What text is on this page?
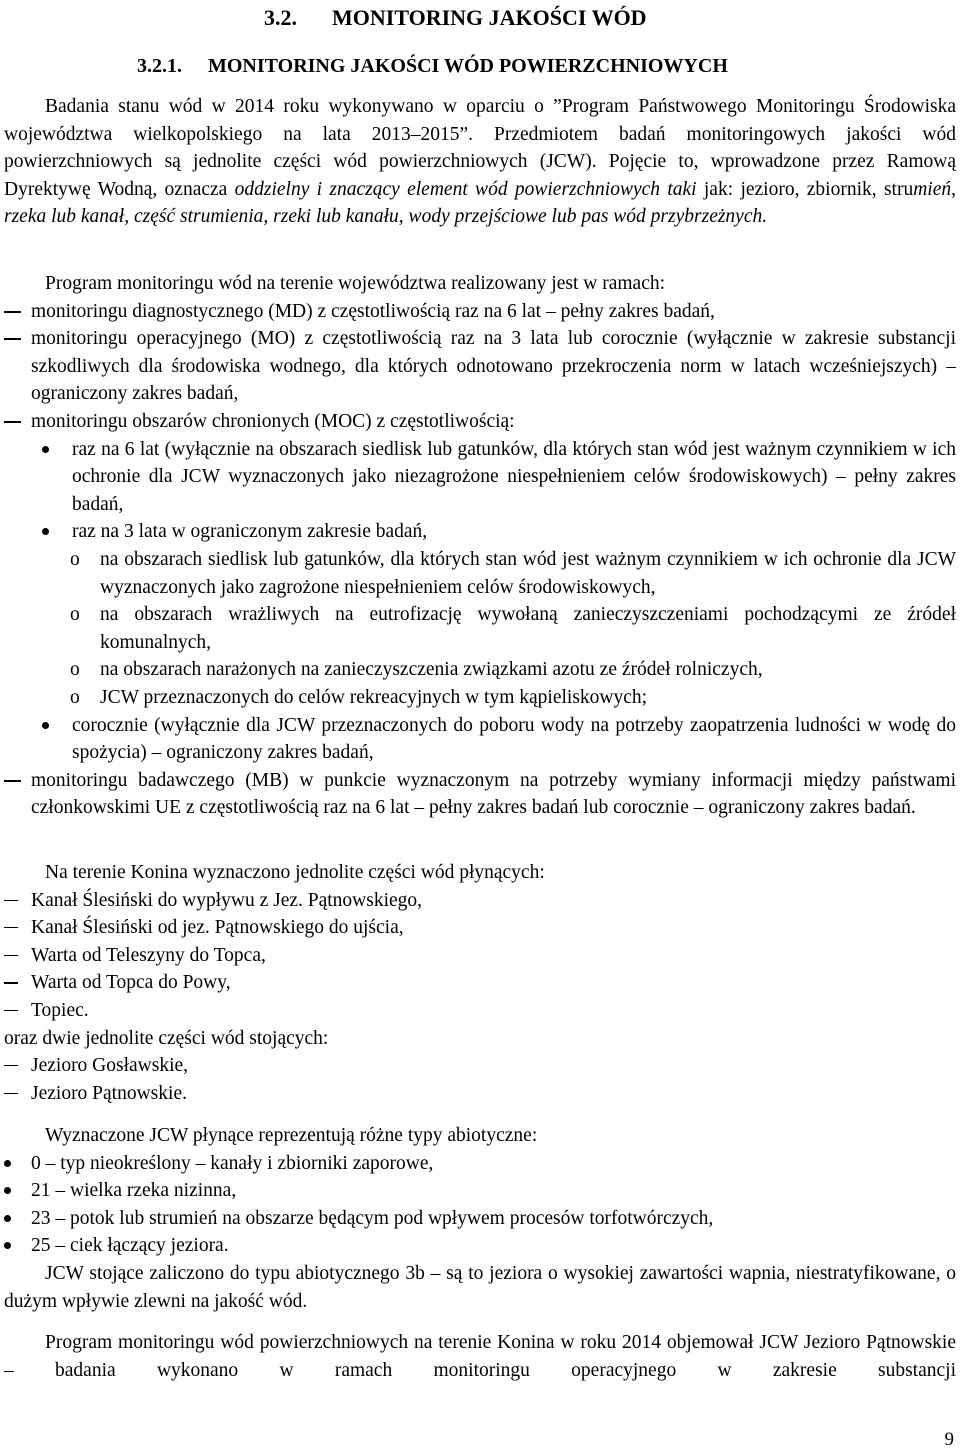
3.2. MONITORING JAKOŚCI WÓD
3.2.1. MONITORING JAKOŚCI WÓD POWIERZCHNIOWYCH

Badania stanu wód w 2014 roku wykonywano w oparciu o ”Program Państwowego Monitoringu Środowiska województwa wielkopolskiego na lata 2013–2015”. Przedmiotem badań monitoringowych jakości wód powierzchniowych są jednolite części wód powierzchniowych (JCW). Pojęcie to, wprowadzone przez Ramową Dyrektywę Wodną, oznacza oddzielny i znaczący element wód powierzchniowych taki jak: jezioro, zbiornik, strumień, rzeka lub kanał, część strumienia, rzeki lub kanału, wody przejściowe lub pas wód przybrzeżnych.

Program monitoringu wód na terenie województwa realizowany jest w ramach:

monitoringu diagnostycznego (MD) z częstotliwością raz na 6 lat – pełny zakres badań,
monitoringu operacyjnego (MO) z częstotliwością raz na 3 lata lub corocznie (wyłącznie w zakresie substancji szkodliwych dla środowiska wodnego, dla których odnotowano przekroczenia norm w latach wcześniejszych) – ograniczony zakres badań,
monitoringu obszarów chronionych (MOC) z częstotliwością:
raz na 6 lat (wyłącznie na obszarach siedlisk lub gatunków, dla których stan wód jest ważnym czynnikiem w ich ochronie dla JCW wyznaczonych jako niezagrożone niespełnieniem celów środowiskowych) – pełny zakres badań,
raz na 3 lata w ograniczonym zakresie badań,
o na obszarach siedlisk lub gatunków, dla których stan wód jest ważnym czynnikiem w ich ochronie dla JCW wyznaczonych jako zagrożone niespełnieniem celów środowiskowych,
o na obszarach wrażliwych na eutrofizację wywołaną zanieczyszczeniami pochodzącymi ze źródeł komunalnych,
o na obszarach narażonych na zanieczyszczenia związkami azotu ze źródeł rolniczych,
o JCW przeznaczonych do celów rekreacyjnych w tym kąpieliskowych;
corocznie (wyłącznie dla JCW przeznaczonych do poboru wody na potrzeby zaopatrzenia ludności w wodę do spożycia) – ograniczony zakres badań,
monitoringu badawczego (MB) w punkcie wyznaczonym na potrzeby wymiany informacji między państwami członkowskimi UE z częstotliwością raz na 6 lat – pełny zakres badań lub corocznie – ograniczony zakres badań.

Na terenie Konina wyznaczono jednolite części wód płynących:

Kanał Ślesiński do wypływu z Jez. Pątnowskiego,
Kanał Ślesiński od jez. Pątnowskiego do ujścia,
Warta od Teleszyny do Topca,
Warta od Topca do Powy,
Topiec.

oraz dwie jednolite części wód stojących:

Jezioro Gosławskie,
Jezioro Pątnowskie.

Wyznaczone JCW płynące reprezentują różne typy abiotyczne:

0 – typ nieokreślony – kanały i zbiorniki zaporowe,
21 – wielka rzeka nizinna,
23 – potok lub strumień na obszarze będącym pod wpływem procesów torfotwórczych,
25 – ciek łączący jeziora.

JCW stojące zaliczono do typu abiotycznego 3b – są to jeziora o wysokiej zawartości wapnia, niestratyfikowane, o dużym wpływie zlewni na jakość wód.

Program monitoringu wód powierzchniowych na terenie Konina w roku 2014 objemował JCW Jezioro Pątnowskie – badania wykonano w ramach monitoringu operacyjnego w zakresie substancji

9
